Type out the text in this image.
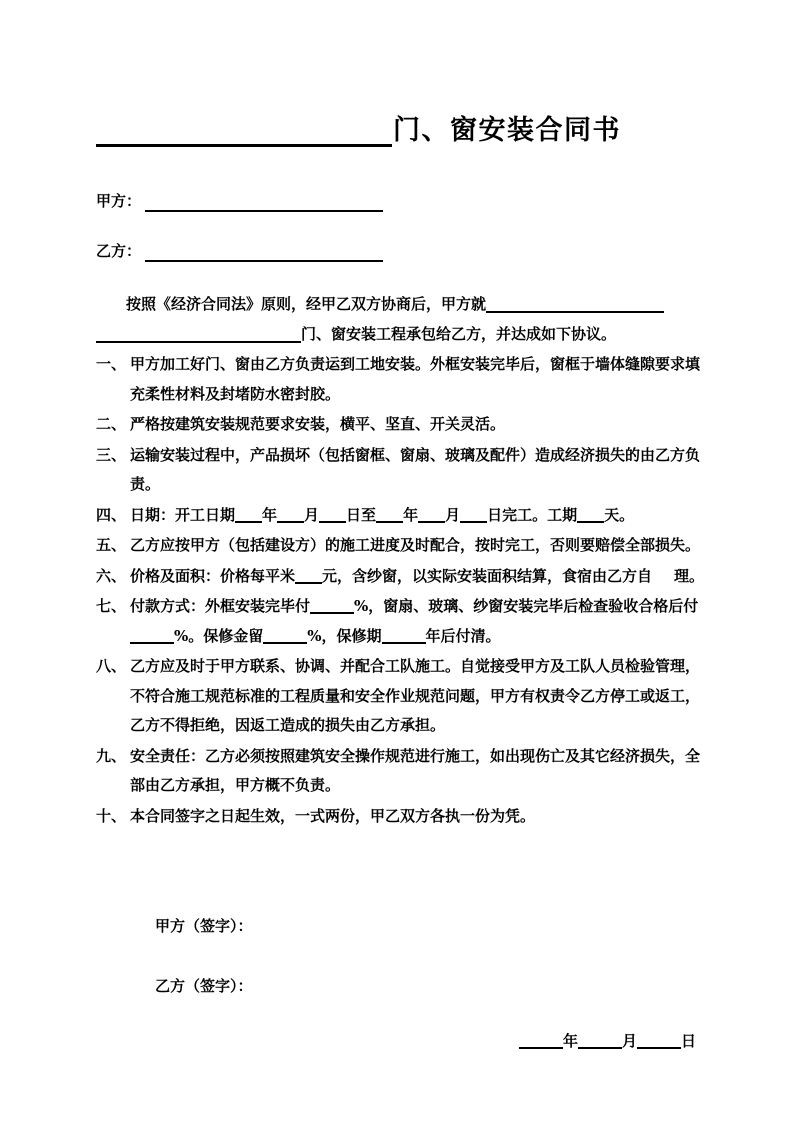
门、窗安装合同书
甲方：
乙方：

按照《经济合同法》原则，经甲乙双方协商后，甲方就门、窗安装工程承包给乙方，并达成如下协议。

一、 甲方加工好门、窗由乙方负责运到工地安装。外框安装完毕后，窗框于墙体缝隙要求填充柔性材料及封堵防水密封胶。
二、 严格按建筑安装规范要求安装，横平、坚直、开关灵活。
三、 运输安装过程中，产品损坏（包括窗框、窗扇、玻璃及配件）造成经济损失的由乙方负责。
四、 日期：开工日期 年 月 日至 年 月 日完工。工期 天。
五、 乙方应按甲方（包括建设方）的施工进度及时配合，按时完工，否则要赔偿全部损失。
六、 价格及面积：价格每平米 元，含纱窗，以实际安装面积结算，食宿由乙方自 理。
七、 付款方式：外框安装完毕付	%，窗扇、玻璃、纱窗安装完毕后检查验收合格后付%。保修金留	%，保修期	年后付清。
八、 乙方应及时于甲方联系、协调、并配合工队施工。自觉接受甲方及工队人员检验管理，不符合施工规范标准的工程质量和安全作业规范问题，甲方有权责令乙方停工或返工，乙方不得拒绝，因返工造成的损失由乙方承担。
九、 安全责任：乙方必须按照建筑安全操作规范进行施工，如出现伤亡及其它经济损失，全部由乙方承担，甲方概不负责。
十、 本合同签字之日起生效，一式两份，甲乙双方各执一份为凭。
甲方（签字）：
乙方（签字）：
年	月	日
